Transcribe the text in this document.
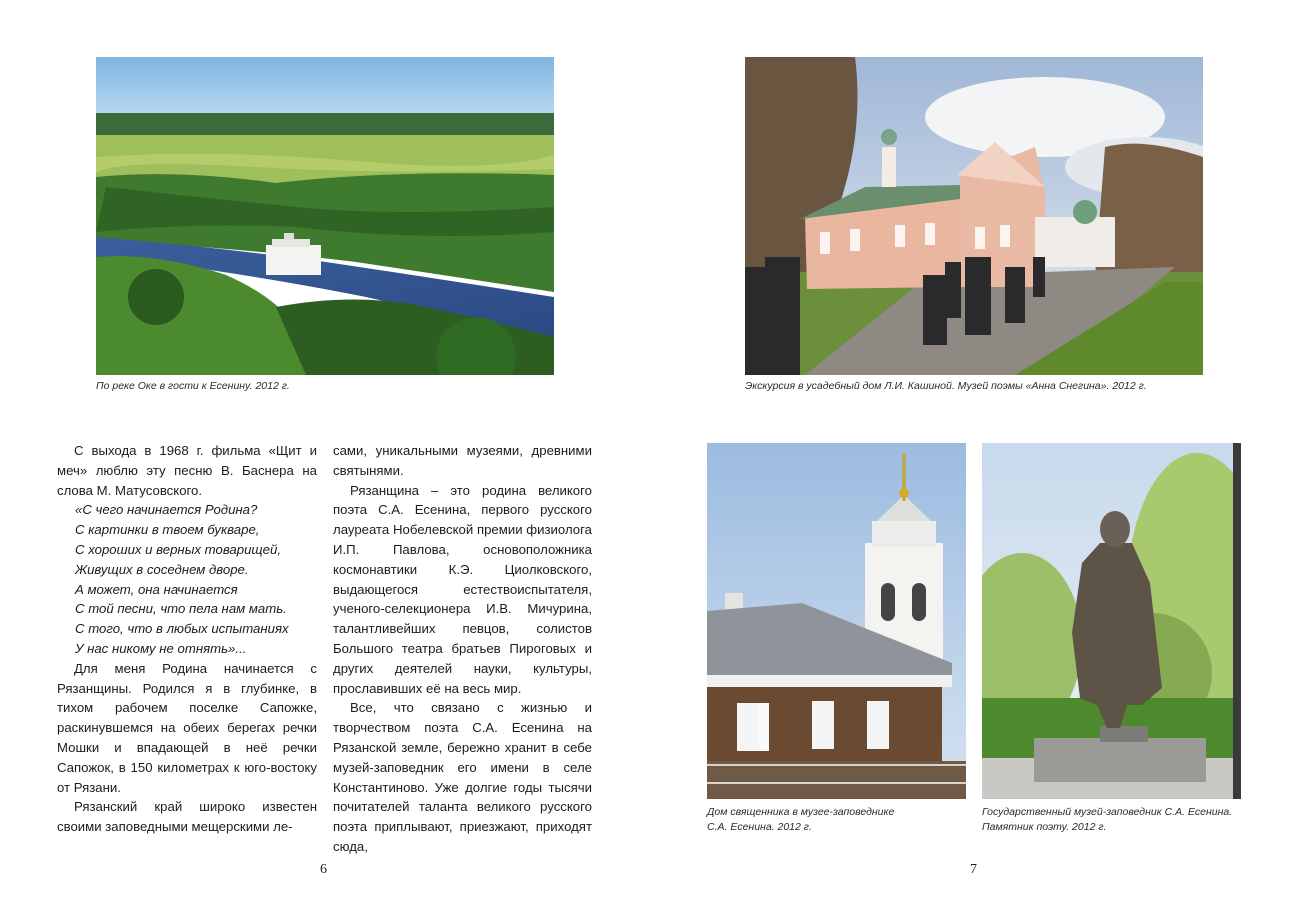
По реке Оке в гости к Есенину. 2012 г.

С выхода в 1968 г. фильма «Щит и меч» люблю эту песню В. Баснера на слова М. Матусовского.

«С чего начинается Родина?

С картинки в твоем букваре,

С хороших и верных товарищей,

Живущих в соседнем дворе.

А может, она начинается

С той песни, что пела нам мать.

С того, что в любых испытаниях

У нас никому не отнять»...

Для меня Родина начинается с Рязанщины. Родился я в глубинке, в тихом рабочем поселке Сапожке, раскинувшемся на обеих берегах речки Мошки и впадающей в неё речки Сапожок, в 150 километрах к юго-востоку от Рязани.

Рязанский край широко известен своими заповедными мещерскими ле-

сами, уникальными музеями, древними святынями.

Рязанщина – это родина великого поэта С.А. Есенина, первого русского лауреата Нобелевской премии физиолога И.П. Павлова, основоположника космонавтики К.Э. Циолковского, выдающегося естествоиспытателя, ученого-селекционера И.В. Мичурина, талантливейших певцов, солистов Большого театра братьев Пироговых и других деятелей науки, культуры, прославивших её на весь мир.

Все, что связано с жизнью и творчеством поэта С.А. Есенина на Рязанской земле, бережно хранит в себе музей-заповедник его имени в селе Константиново. Уже долгие годы тысячи почитателей таланта великого русского поэта приплывают, приезжают, приходят сюда,

6
Экскурсия в усадебный дом Л.И. Кашиной. Музей поэмы «Анна Снегина». 2012 г.
Дом священника в музее-заповеднике
С.А. Есенина. 2012 г.
Государственный музей-заповедник С.А. Есенина.
Памятник поэту. 2012 г.
7
